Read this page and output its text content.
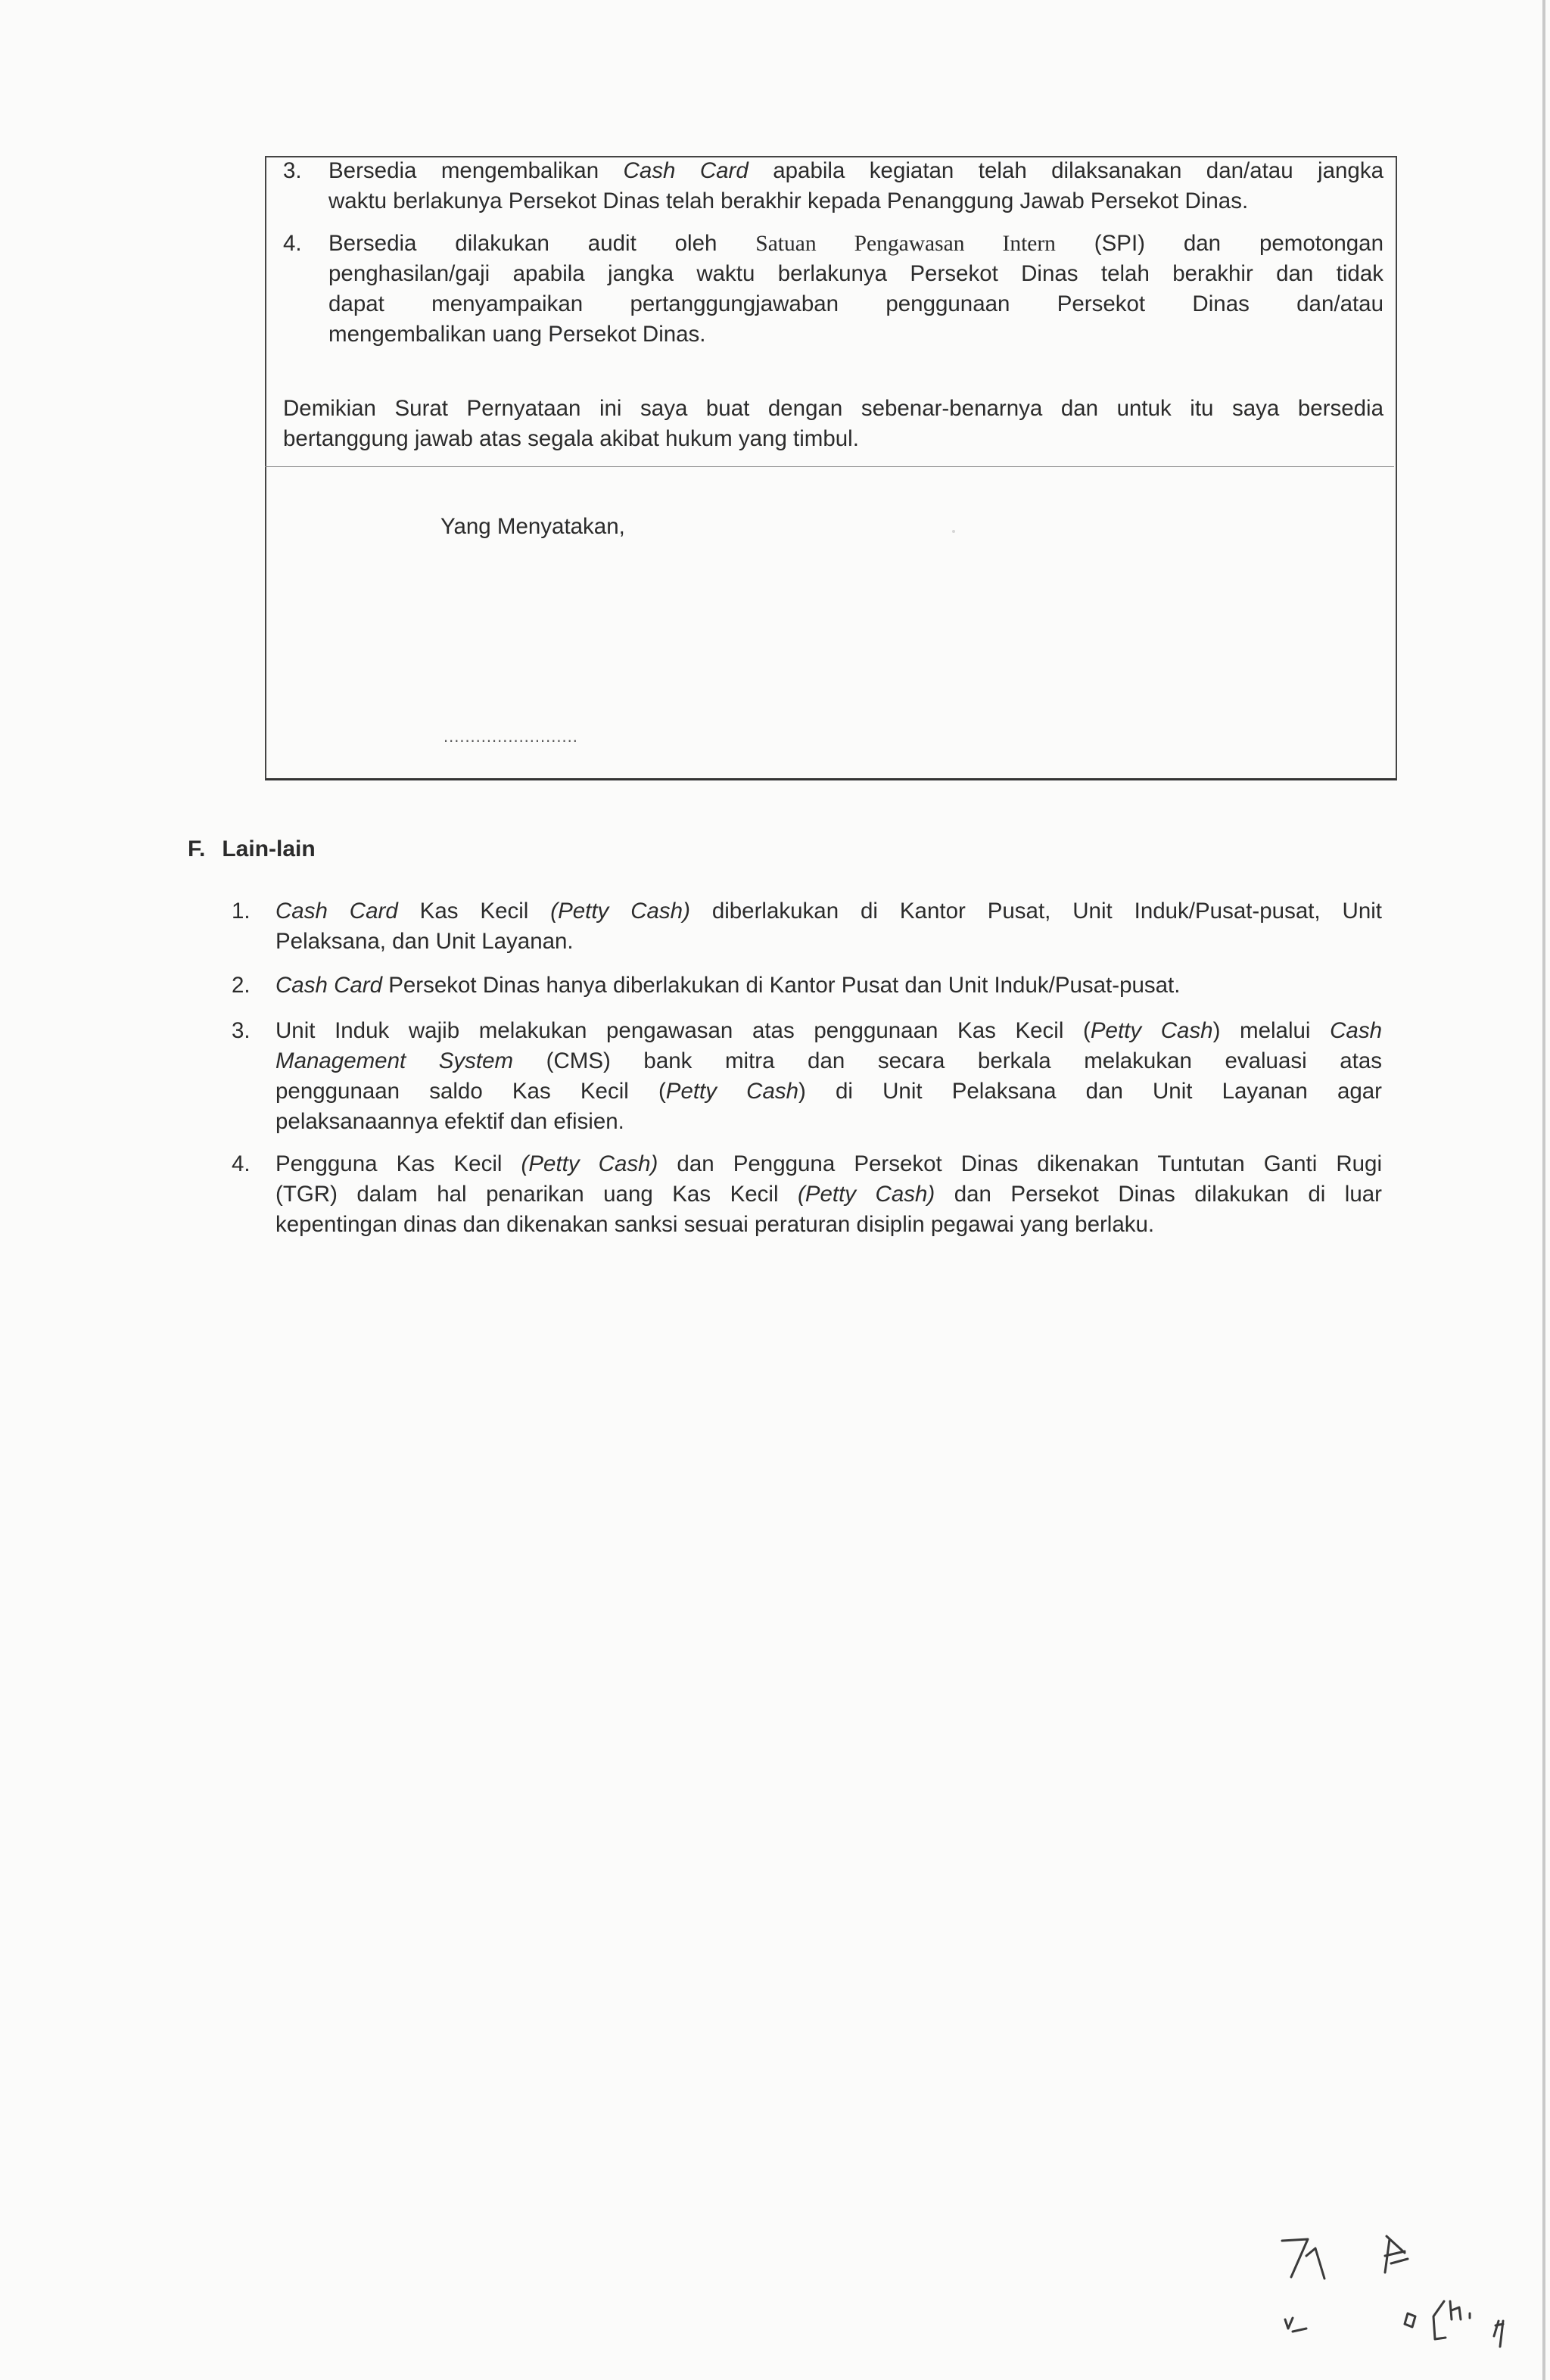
3. Bersedia mengembalikan Cash Card apabila kegiatan telah dilaksanakan dan/atau jangka
waktu berlakunya Persekot Dinas telah berakhir kepada Penanggung Jawab Persekot Dinas.
4. Bersedia dilakukan audit oleh Satuan Pengawasan Intern (SPI) dan pemotongan
penghasilan/gaji apabila jangka waktu berlakunya Persekot Dinas telah berakhir dan tidak
dapat menyampaikan pertanggungjawaban penggunaan Persekot Dinas dan/atau
mengembalikan uang Persekot Dinas.
Demikian Surat Pernyataan ini saya buat dengan sebenar-benarnya dan untuk itu saya bersedia
bertanggung jawab atas segala akibat hukum yang timbul.
Yang Menyatakan,
.........................
F. Lain-lain
1. Cash Card Kas Kecil (Petty Cash) diberlakukan di Kantor Pusat, Unit Induk/Pusat-pusat, Unit
Pelaksana, dan Unit Layanan.
2. Cash Card Persekot Dinas hanya diberlakukan di Kantor Pusat dan Unit Induk/Pusat-pusat.
3. Unit Induk wajib melakukan pengawasan atas penggunaan Kas Kecil (Petty Cash) melalui Cash
Management System (CMS) bank mitra dan secara berkala melakukan evaluasi atas
penggunaan saldo Kas Kecil (Petty Cash) di Unit Pelaksana dan Unit Layanan agar
pelaksanaannya efektif dan efisien.
4. Pengguna Kas Kecil (Petty Cash) dan Pengguna Persekot Dinas dikenakan Tuntutan Ganti Rugi
(TGR) dalam hal penarikan uang Kas Kecil (Petty Cash) dan Persekot Dinas dilakukan di luar
kepentingan dinas dan dikenakan sanksi sesuai peraturan disiplin pegawai yang berlaku.
